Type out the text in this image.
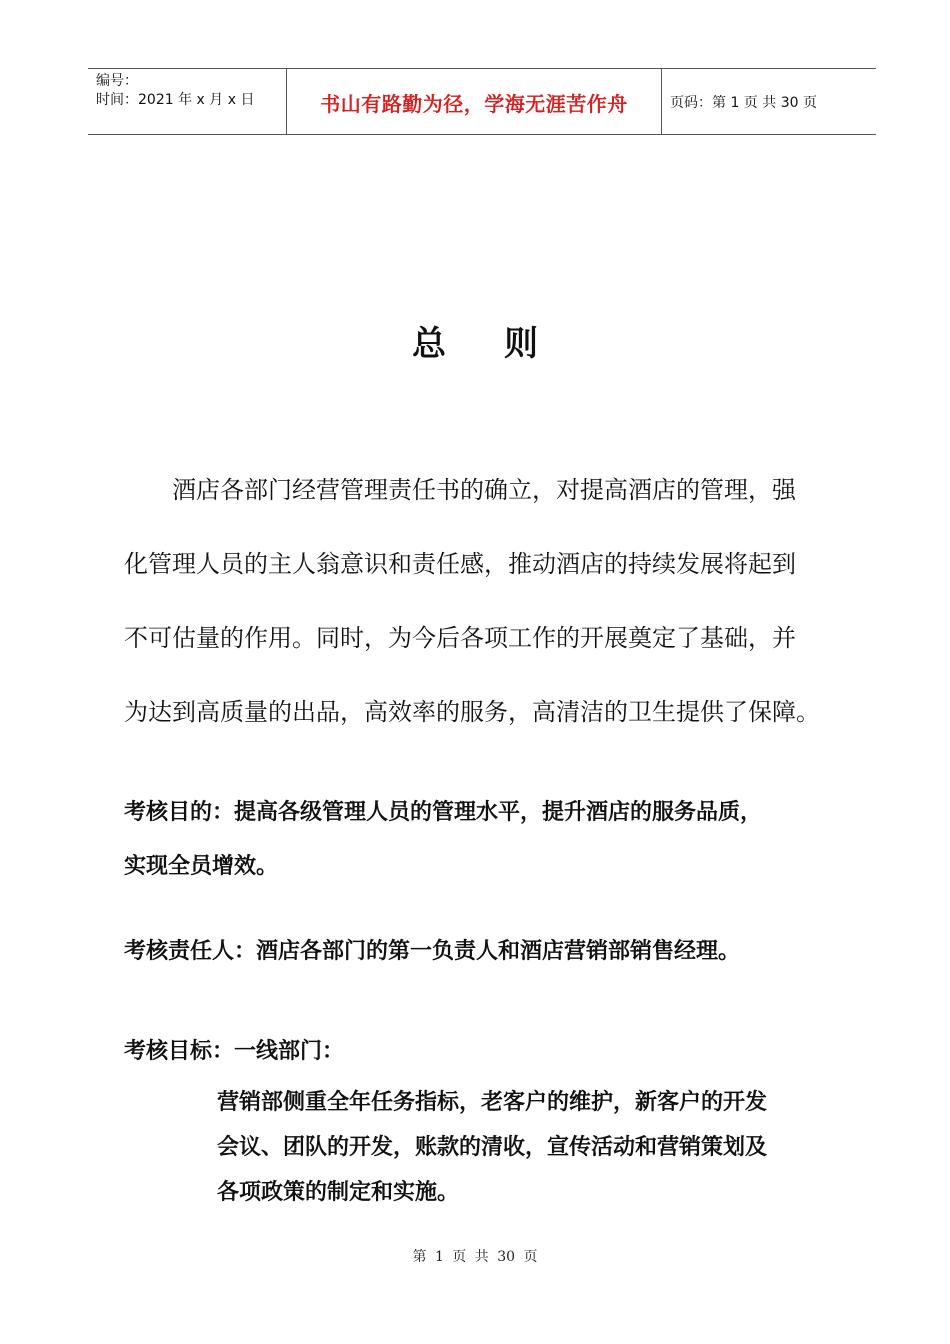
编号：
时间：2021 年 x 月 x 日	书山有路勤为径，学海无涯苦作舟	页码：第 1 页 共 30 页
总则
酒店各部门经营管理责任书的确立，对提高酒店的管理，强
化管理人员的主人翁意识和责任感，推动酒店的持续发展将起到
不可估量的作用。同时，为今后各项工作的开展奠定了基础，并
为达到高质量的出品，高效率的服务，高清洁的卫生提供了保障。
考核目的：提高各级管理人员的管理水平，提升酒店的服务品质，
实现全员增效。
考核责任人：酒店各部门的第一负责人和酒店营销部销售经理。
考核目标：一线部门：
营销部侧重全年任务指标，老客户的维护，新客户的开发
会议、团队的开发，账款的清收，宣传活动和营销策划及
各项政策的制定和实施。
第 1 页 共 30 页
